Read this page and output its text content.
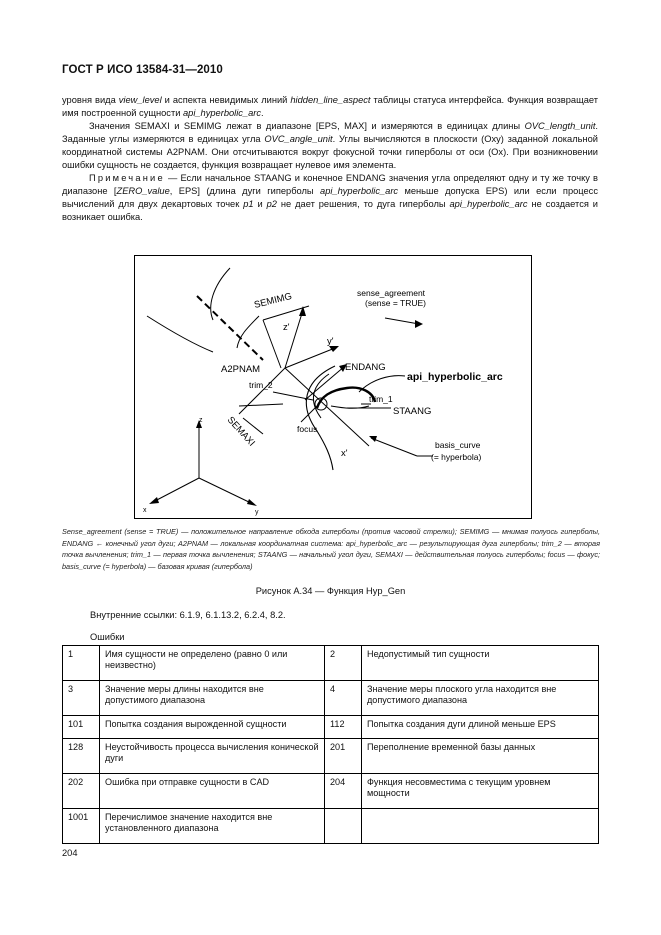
ГОСТ Р ИСО 13584-31—2010

уровня вида view_level и аспекта невидимых линий hidden_line_aspect таблицы статуса интерфейса. Функция возвращает имя построенной сущности api_hyperbolic_arc.

Значения SEMAXI и SEMIMG лежат в диапазоне [EPS, MAX] и измеряются в единицах длины OVC_length_unit. Заданные углы измеряются в единицах угла OVC_angle_unit. Углы вычисляются в плоскости (Oxy) заданной локальной координатной системы A2PNAM. Они отсчитываются вокруг фокусной точки гиперболы от оси (Ox). При возникновении ошибки сущность не создается, функция возвращает нулевое имя элемента.

Примечание — Если начальное STAANG и конечное ENDANG значения угла определяют одну и ту же точку в диапазоне [ZERO_value, EPS] (длина дуги гиперболы api_hyperbolic_arc меньше допуска EPS) или если процесс вычислений для двух декартовых точек p1 и p2 не дает решения, то дуга гиперболы api_hyperbolic_arc не создается и возникает ошибка.

SEMIMG
z'
y'
A2PNAM	ENDANG
api_hyperbolic_arc
trim_2
trim_1
STAANG
SEMAXI	focus
x'
sense_agreement
(sense = TRUE)
basis_curve
(= hyperbola)
z
x	y
Sense_agreement (sense = TRUE) — положительное направление обхода гиперболы (против часовой стрелки); SEMIMG — мнимая полуось гиперболы, ENDANG ← конечный угол дуги; A2PNAM — локальная координатная система: api_hyperbolic_arc — результирующая дуга гиперболы; trim_2 — вторая точка вычленения; trim_1 — первая точка вычленения; STAANG — начальный угол дуги, SEMAXI — действительная полуось гиперболы; focus — фокус; basis_curve (= hyperbola) — базовая кривая (гипербола)
Рисунок А.34 — Функция Hyp_Gen
Внутренние ссылки: 6.1.9, 6.1.13.2, 6.2.4, 8.2.
Ошибки
1	Имя сущности не определено (равно 0 или неизвестно)	2	Недопустимый тип сущности
3	Значение меры длины находится вне допустимого диапазона	4	Значение меры плоского угла находится вне допустимого диапазона
101	Попытка создания вырожденной сущности	112	Попытка создания дуги длиной меньше EPS
128	Неустойчивость процесса вычисления конической дуги	201	Переполнение временной базы данных
202	Ошибка при отправке сущности в CAD	204	Функция несовместима с текущим уровнем мощности
1001	Перечислимое значение находится вне установленного диапазона		
204
